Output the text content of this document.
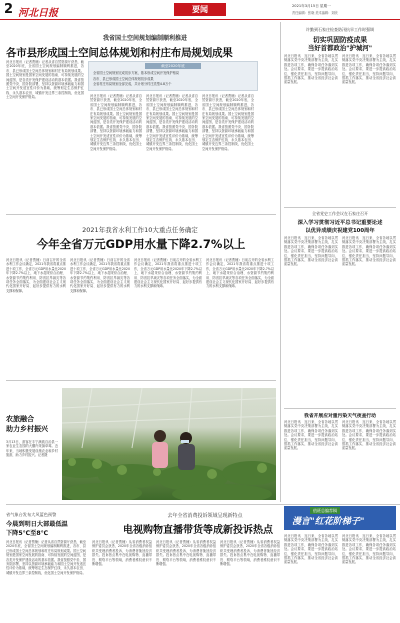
2 河北日报	要闻	2021年3月15日 星期一
责任编辑：张晓 美术编辑：刘欣
我省国土空间规划编制顺利推进
各市县形成国土空间总体规划和村庄布局规划成果
截至2020年底
全省国土空间规划完成初步方案，基本形成空间开发保护格局
各市、县已形成国土空间总体规划初步成果
全省村庄布局规划全部完成，共计划分村庄类型4.8万个
河北日报讯（记者贾楠）记者从省自然资源厅获悉，截至2020年底，全省国土空间规划编制顺利推进，各市、县已形成国土空间总体规划和村庄布局规划成果。国土空间规划是国家空间发展的指南、可持续发展的空间蓝图，是各类开发保护建设活动的基本依据。我省按照党中央、国务院部署，坚持以资源环境承载能力和国土空间开发适宜性评价为基础，统筹划定生态保护红线、永久基本农田、城镇开发边界三条控制线，优化国土空间开发保护格局。	河北日报讯（记者贾楠）记者从省自然资源厅获悉，截至2020年底，全省国土空间规划编制顺利推进，各市、县已形成国土空间总体规划和村庄布局规划成果。国土空间规划是国家空间发展的指南、可持续发展的空间蓝图，是各类开发保护建设活动的基本依据。我省按照党中央、国务院部署，坚持以资源环境承载能力和国土空间开发适宜性评价为基础，统筹划定生态保护红线、永久基本农田、城镇开发边界三条控制线，优化国土空间开发保护格局。
河北日报讯（记者贾楠）记者从省自然资源厅获悉，截至2020年底，全省国土空间规划编制顺利推进，各市、县已形成国土空间总体规划和村庄布局规划成果。国土空间规划是国家空间发展的指南、可持续发展的空间蓝图，是各类开发保护建设活动的基本依据。我省按照党中央、国务院部署，坚持以资源环境承载能力和国土空间开发适宜性评价为基础，统筹划定生态保护红线、永久基本农田、城镇开发边界三条控制线，优化国土空间开发保护格局。
河北日报讯（记者贾楠）记者从省自然资源厅获悉，截至2020年底，全省国土空间规划编制顺利推进，各市、县已形成国土空间总体规划和村庄布局规划成果。国土空间规划是国家空间发展的指南、可持续发展的空间蓝图，是各类开发保护建设活动的基本依据。我省按照党中央、国务院部署，坚持以资源环境承载能力和国土空间开发适宜性评价为基础，统筹划定生态保护红线、永久基本农田、城镇开发边界三条控制线，优化国土空间开发保护格局。
2021年我省水利工作10大重点任务确定
今年全省万元GDP用水量下降2.7%以上
河北日报讯（记者贾楠）日前召开的全省水利工作会议确定，2021年我省将重点推进十项工作，全省万元GDP用水量比2020年下降2.7%以上，地下水超采综合治理、水资源节约集约利用、防汛抗旱减灾等各项任务全面落实，为全面建设社会主义现代化国家开好局、起好步提供有力的水利支撑和保障。
河北日报讯（记者贾楠）日前召开的全省水利工作会议确定，2021年我省将重点推进十项工作，全省万元GDP用水量比2020年下降2.7%以上，地下水超采综合治理、水资源节约集约利用、防汛抗旱减灾等各项任务全面落实，为全面建设社会主义现代化国家开好局、起好步提供有力的水利支撑和保障。
河北日报讯（记者贾楠）日前召开的全省水利工作会议确定，2021年我省将重点推进十项工作，全省万元GDP用水量比2020年下降2.7%以上，地下水超采综合治理、水资源节约集约利用、防汛抗旱减灾等各项任务全面落实，为全面建设社会主义现代化国家开好局、起好步提供有力的水利支撑和保障。
河北日报讯（记者贾楠）日前召开的全省水利工作会议确定，2021年我省将重点推进十项工作，全省万元GDP用水量比2020年下降2.7%以上，地下水超采综合治理、水资源节约集约利用、防汛抗旱减灾等各项任务全面落实，为全面建设社会主义现代化国家开好局、起好步提供有力的水利支撑和保障。
农旅融合
助力乡村振兴
3月13日，游客在丰宁满族自治县一家农业生态园的大棚内采摘草莓。近年来，当地积极发展设施农业和乡村旅游，助力乡村振兴。记者摄
省气象台发布大风蓝色预警
今晨到明日大部最低温
下降5℃至8℃
河北日报讯（记者贾楠）记者从省自然资源厅获悉，截至2020年底，全省国土空间规划编制顺利推进，各市、县已形成国土空间总体规划和村庄布局规划成果。国土空间规划是国家空间发展的指南、可持续发展的空间蓝图，是各类开发保护建设活动的基本依据。我省按照党中央、国务院部署，坚持以资源环境承载能力和国土空间开发适宜性评价为基础，统筹划定生态保护红线、永久基本农田、城镇开发边界三条控制线，优化国土空间开发保护格局。
去年全省消费投诉领域呈现新特点
电视购物直播带货等成新投诉热点
河北日报讯（记者贾楠）从省消费者权益保护委员会获悉，2020年全省各级消协组织共受理消费者投诉，为消费者挽回经济损失。投诉热点集中在电视购物、直播带货、网络平台等领域，消费者维权意识不断增强。
河北日报讯（记者贾楠）从省消费者权益保护委员会获悉，2020年全省各级消协组织共受理消费者投诉，为消费者挽回经济损失。投诉热点集中在电视购物、直播带货、网络平台等领域，消费者维权意识不断增强。
河北日报讯（记者贾楠）从省消费者权益保护委员会获悉，2020年全省各级消协组织共受理消费者投诉，为消费者挽回经济损失。投诉热点集中在电视购物、直播带货、网络平台等领域，消费者维权意识不断增强。
许勤到石家庄检查防汛抗旱工作时强调
切实巩固防疫成果
当好首都政治"护城河"
河北日报讯　连日来，全省各地以贯彻落实党中央决策部署为主线，扎实推进各项工作，确保各项任务落到实处。会议要求，要进一步提高政治站位，强化责任担当，坚持问题导向，狠抓工作落实，推动全省经济社会高质量发展。
河北日报讯　连日来，全省各地以贯彻落实党中央决策部署为主线，扎实推进各项工作，确保各项任务落到实处。会议要求，要进一步提高政治站位，强化责任担当，坚持问题导向，狠抓工作落实，推动全省经济社会高质量发展。
全省党史工作会议在石家庄召开
深入学习贯彻习近平总书记重要论述
以优异成绩庆祝建党100周年
河北日报讯　连日来，全省各地以贯彻落实党中央决策部署为主线，扎实推进各项工作，确保各项任务落到实处。会议要求，要进一步提高政治站位，强化责任担当，坚持问题导向，狠抓工作落实，推动全省经济社会高质量发展。
河北日报讯　连日来，全省各地以贯彻落实党中央决策部署为主线，扎实推进各项工作，确保各项任务落到实处。会议要求，要进一步提高政治站位，强化责任担当，坚持问题导向，狠抓工作落实，推动全省经济社会高质量发展。
我省开展应对重污染天气夜查行动
河北日报讯　连日来，全省各地以贯彻落实党中央决策部署为主线，扎实推进各项工作，确保各项任务落到实处。会议要求，要进一步提高政治站位，强化责任担当，坚持问题导向，狠抓工作落实，推动全省经济社会高质量发展。
河北日报讯　连日来，全省各地以贯彻落实党中央决策部署为主线，扎实推进各项工作，确保各项任务落到实处。会议要求，要进一步提高政治站位，强化责任担当，坚持问题导向，狠抓工作落实，推动全省经济社会高质量发展。
值班总编荐稿
漫言"红花阶梯子"
河北日报讯　连日来，全省各地以贯彻落实党中央决策部署为主线，扎实推进各项工作，确保各项任务落到实处。会议要求，要进一步提高政治站位，强化责任担当，坚持问题导向，狠抓工作落实，推动全省经济社会高质量发展。
河北日报讯　连日来，全省各地以贯彻落实党中央决策部署为主线，扎实推进各项工作，确保各项任务落到实处。会议要求，要进一步提高政治站位，强化责任担当，坚持问题导向，狠抓工作落实，推动全省经济社会高质量发展。
